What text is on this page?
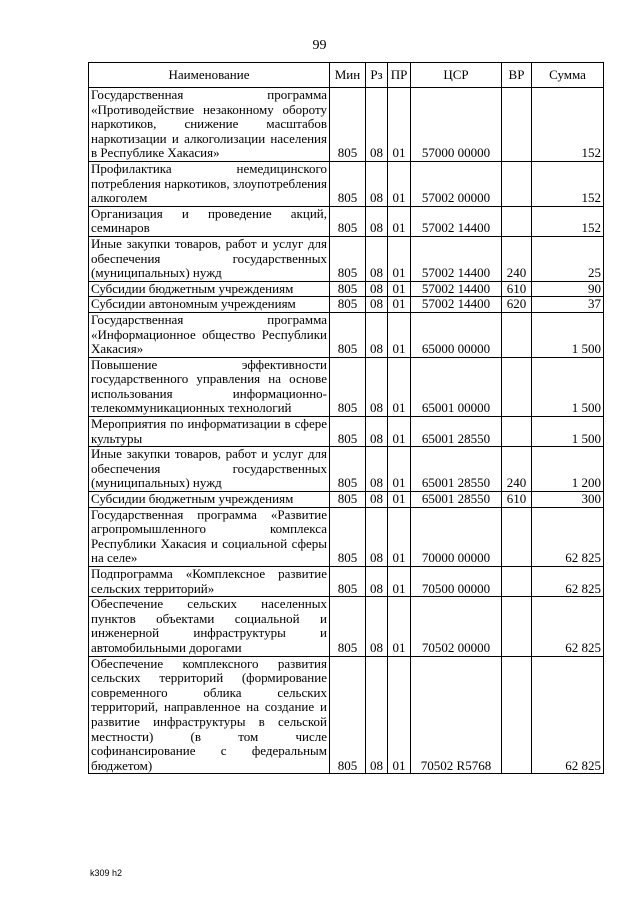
99
Наименование	Мин	Рз	ПР	ЦСР	ВР	Сумма
Государственная программа «Противодействие незаконному обороту наркотиков, снижение масштабов наркотизации и алкоголизации населения в Республике Хакасия»	805	08	01	57000 00000		152
Профилактика немедицинского потребления наркотиков, злоупотребления алкоголем	805	08	01	57002 00000		152
Организация и проведение акций, семинаров	805	08	01	57002 14400		152
Иные закупки товаров, работ и услуг для обеспечения государственных (муниципальных) нужд	805	08	01	57002 14400	240	25
Субсидии бюджетным учреждениям	805	08	01	57002 14400	610	90
Субсидии автономным учреждениям	805	08	01	57002 14400	620	37
Государственная программа «Информационное общество Республики Хакасия»	805	08	01	65000 00000		1 500
Повышение эффективности государственного управления на основе использования информационно-телекоммуникационных технологий	805	08	01	65001 00000		1 500
Мероприятия по информатизации в сфере культуры	805	08	01	65001 28550		1 500
Иные закупки товаров, работ и услуг для обеспечения государственных (муниципальных) нужд	805	08	01	65001 28550	240	1 200
Субсидии бюджетным учреждениям	805	08	01	65001 28550	610	300
Государственная программа «Развитие агропромышленного комплекса Республики Хакасия и социальной сферы на селе»	805	08	01	70000 00000		62 825
Подпрограмма «Комплексное развитие сельских территорий»	805	08	01	70500 00000		62 825
Обеспечение сельских населенных пунктов объектами социальной и инженерной инфраструктуры и автомобильными дорогами	805	08	01	70502 00000		62 825
Обеспечение комплексного развития сельских территорий (формирование современного облика сельских территорий, направленное на создание и развитие инфраструктуры в сельской местности) (в том числе софинансирование с федеральным бюджетом)	805	08	01	70502 R5768		62 825
k309 h2
